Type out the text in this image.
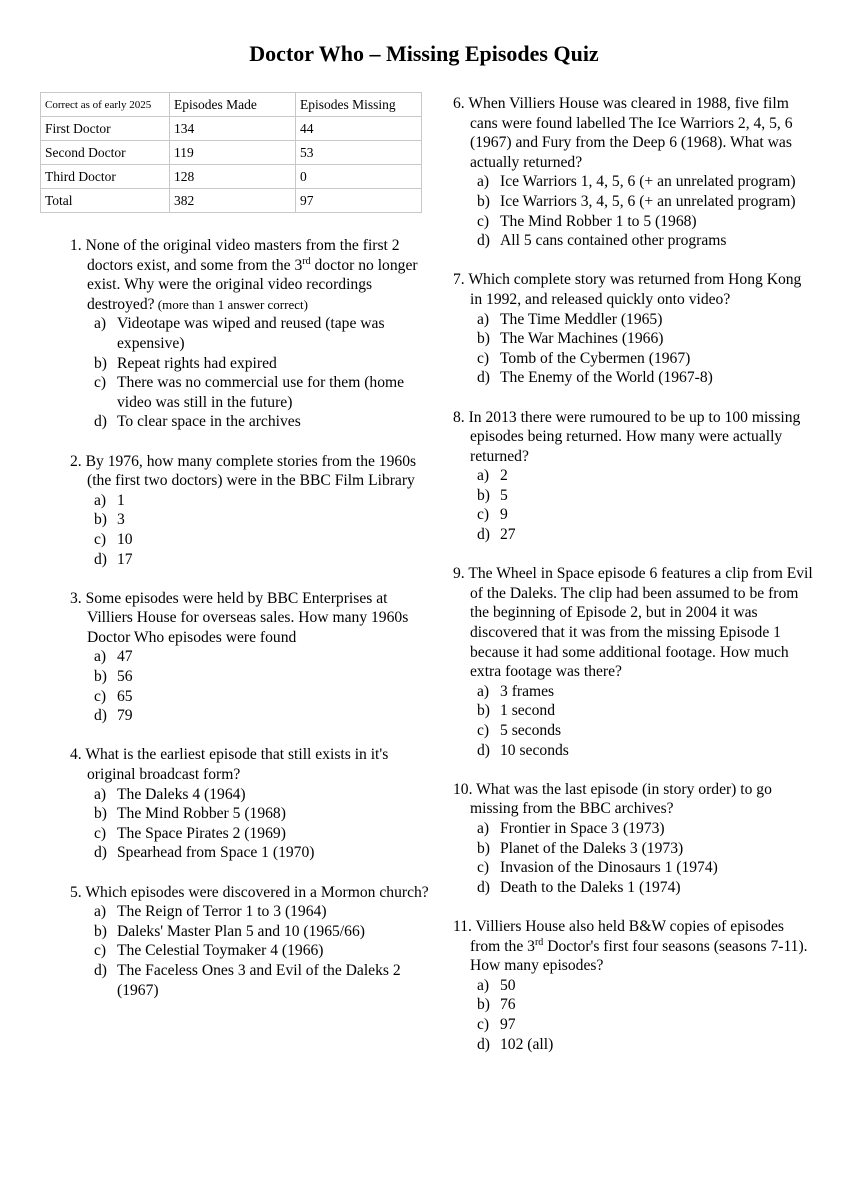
Doctor Who – Missing Episodes Quiz
Correct as of early 2025	Episodes Made	Episodes Missing
First Doctor	134	44
Second Doctor	119	53
Third Doctor	128	0
Total	382	97
1. None of the original video masters from the first 2 doctors exist, and some from the 3rd doctor no longer exist. Why were the original video recordings destroyed? (more than 1 answer correct)
a) Videotape was wiped and reused (tape was expensive)
b) Repeat rights had expired
c) There was no commercial use for them (home video was still in the future)
d) To clear space in the archives
2. By 1976, how many complete stories from the 1960s (the first two doctors) were in the BBC Film Library
a) 1
b) 3
c) 10
d) 17
3. Some episodes were held by BBC Enterprises at Villiers House for overseas sales. How many 1960s Doctor Who episodes were found
a) 47
b) 56
c) 65
d) 79
4. What is the earliest episode that still exists in it's original broadcast form?
a) The Daleks 4 (1964)
b) The Mind Robber 5 (1968)
c) The Space Pirates 2 (1969)
d) Spearhead from Space 1 (1970)
5. Which episodes were discovered in a Mormon church?
a) The Reign of Terror 1 to 3 (1964)
b) Daleks' Master Plan 5 and 10 (1965/66)
c) The Celestial Toymaker 4 (1966)
d) The Faceless Ones 3 and Evil of the Daleks 2 (1967)
6. When Villiers House was cleared in 1988, five film cans were found labelled The Ice Warriors 2, 4, 5, 6 (1967) and Fury from the Deep 6 (1968). What was actually returned?
a) Ice Warriors 1, 4, 5, 6 (+ an unrelated program)
b) Ice Warriors 3, 4, 5, 6 (+ an unrelated program)
c) The Mind Robber 1 to 5 (1968)
d) All 5 cans contained other programs
7. Which complete story was returned from Hong Kong in 1992, and released quickly onto video?
a) The Time Meddler (1965)
b) The War Machines (1966)
c) Tomb of the Cybermen (1967)
d) The Enemy of the World (1967-8)
8. In 2013 there were rumoured to be up to 100 missing episodes being returned. How many were actually returned?
a) 2
b) 5
c) 9
d) 27
9. The Wheel in Space episode 6 features a clip from Evil of the Daleks. The clip had been assumed to be from the beginning of Episode 2, but in 2004 it was discovered that it was from the missing Episode 1 because it had some additional footage. How much extra footage was there?
a) 3 frames
b) 1 second
c) 5 seconds
d) 10 seconds
10. What was the last episode (in story order) to go missing from the BBC archives?
a) Frontier in Space 3 (1973)
b) Planet of the Daleks 3 (1973)
c) Invasion of the Dinosaurs 1 (1974)
d) Death to the Daleks 1 (1974)
11. Villiers House also held B&W copies of episodes from the 3rd Doctor's first four seasons (seasons 7-11). How many episodes?
a) 50
b) 76
c) 97
d) 102 (all)
